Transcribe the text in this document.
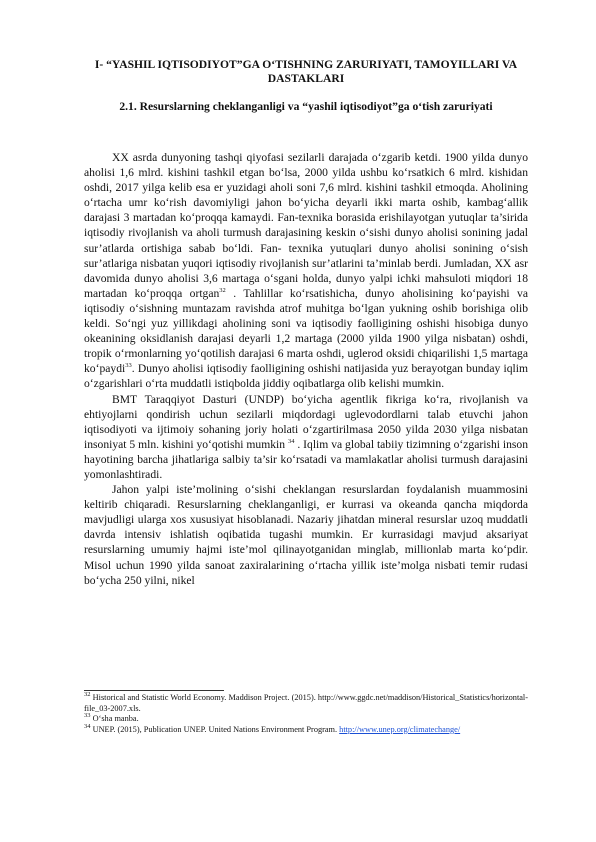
I- “YASHIL IQTISODIYOT”GA O‘TISHNING ZARURIYATI, TAMOYILLARI VA DASTAKLARI
2.1. Resurslarning cheklanganligi va “yashil iqtisodiyot”ga o‘tish zaruriyati

XX asrda dunyoning tashqi qiyofasi sezilarli darajada o‘zgarib ketdi. 1900 yilda dunyo aholisi 1,6 mlrd. kishini tashkil etgan bo‘lsa, 2000 yilda ushbu ko‘rsatkich 6 mlrd. kishidan oshdi, 2017 yilga kelib esa er yuzidagi aholi soni 7,6 mlrd. kishini tashkil etmoqda. Aholining o‘rtacha umr ko‘rish davomiyligi jahon bo‘yicha deyarli ikki marta oshib, kambag‘allik darajasi 3 martadan ko‘proqqa kamaydi. Fan-texnika borasida erishilayotgan yutuqlar ta’sirida iqtisodiy rivojlanish va aholi turmush darajasining keskin o‘sishi dunyo aholisi sonining jadal sur’atlarda ortishiga sabab bo‘ldi. Fan- texnika yutuqlari dunyo aholisi sonining o‘sish sur’atlariga nisbatan yuqori iqtisodiy rivojlanish sur’atlarini ta’minlab berdi. Jumladan, XX asr davomida dunyo aholisi 3,6 martaga o‘sgani holda, dunyo yalpi ichki mahsuloti miqdori 18 martadan ko‘proqqa ortgan$^{32}$ . Tahlillar ko‘rsatishicha, dunyo aholisining ko‘payishi va iqtisodiy o‘sishning muntazam ravishda atrof muhitga bo‘lgan yukning oshib borishiga olib keldi. So‘ngi yuz yillikdagi aholining soni va iqtisodiy faolligining oshishi hisobiga dunyo okeanining oksidlanish darajasi deyarli 1,2 martaga (2000 yilda 1900 yilga nisbatan) oshdi, tropik o‘rmonlarning yo‘qotilish darajasi 6 marta oshdi, uglerod oksidi chiqarilishi 1,5 martaga ko‘paydi$^{33}$. Dunyo aholisi iqtisodiy faolligining oshishi natijasida yuz berayotgan bunday iqlim o‘zgarishlari o‘rta muddatli istiqbolda jiddiy oqibatlarga olib kelishi mumkin.

BMT Taraqqiyot Dasturi (UNDP) bo‘yicha agentlik fikriga ko‘ra, rivojlanish va ehtiyojlarni qondirish uchun sezilarli miqdordagi uglevodordlarni talab etuvchi jahon iqtisodiyoti va ijtimoiy sohaning joriy holati o‘zgartirilmasa 2050 yilda 2030 yilga nisbatan insoniyat 5 mln. kishini yo‘qotishi mumkin $^{34}$ . Iqlim va global tabiiy tizimning o‘zgarishi inson hayotining barcha jihatlariga salbiy ta’sir ko‘rsatadi va mamlakatlar aholisi turmush darajasini yomonlashtiradi.

Jahon yalpi iste’molining o‘sishi cheklangan resurslardan foydalanish muammosini keltirib chiqaradi. Resurslarning cheklanganligi, er kurrasi va okeanda qancha miqdorda mavjudligi ularga xos xususiyat hisoblanadi. Nazariy jihatdan mineral resurslar uzoq muddatli davrda intensiv ishlatish oqibatida tugashi mumkin. Er kurrasidagi mavjud aksariyat resurslarning umumiy hajmi iste’mol qilinayotganidan minglab, millionlab marta ko‘pdir. Misol uchun 1990 yilda sanoat zaxiralarining o‘rtacha yillik iste’molga nisbati temir rudasi bo‘ycha 250 yilni, nikel

$^{32}$ Historical and Statistic World Economy. Maddison Project. (2015). http://www.ggdc.net/maddison/Historical_Statistics/horizontal-file_03-2007.xls.
$^{33}$ O‘sha manba.
$^{34}$ UNEP. (2015), Publication UNEP. United Nations Environment Program. http://www.unep.org/climatechange/
